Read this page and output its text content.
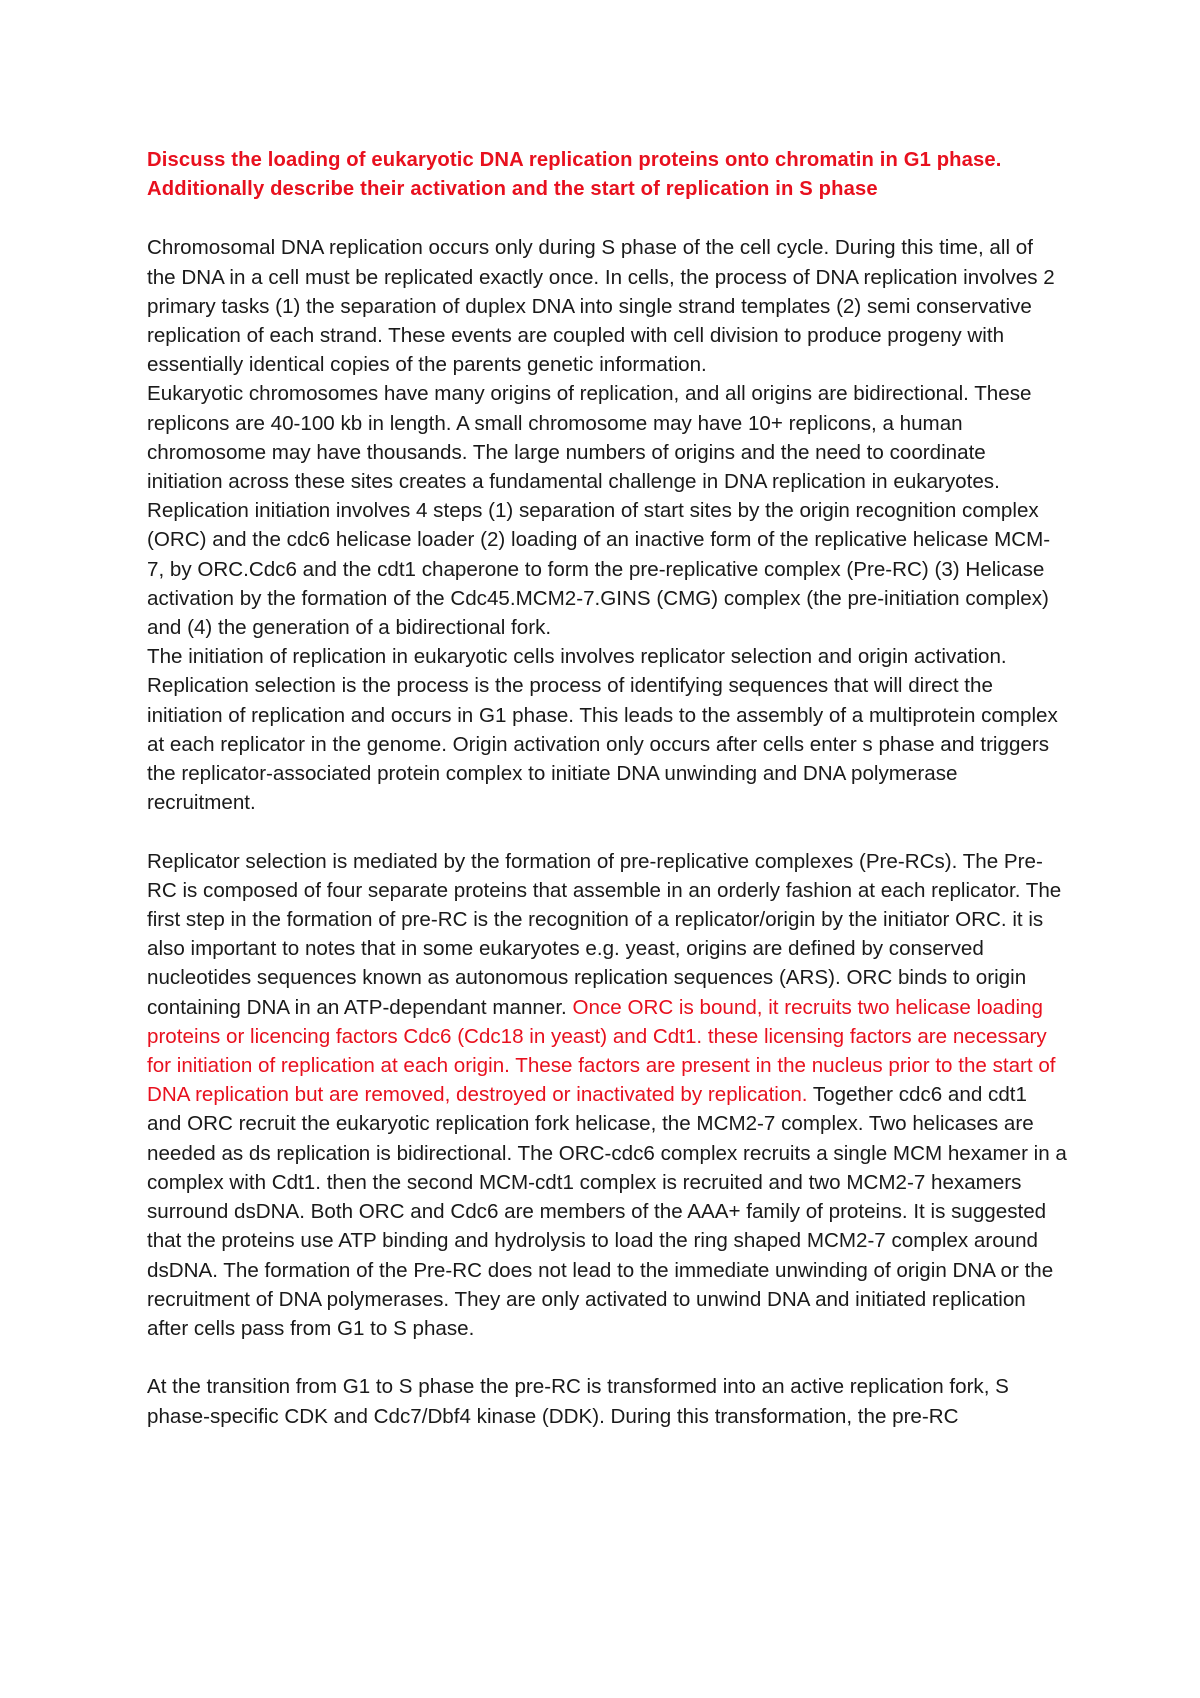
Discuss the loading of eukaryotic DNA replication proteins onto chromatin in G1 phase. Additionally describe their activation and the start of replication in S phase

Chromosomal DNA replication occurs only during S phase of the cell cycle. During this time, all of the DNA in a cell must be replicated exactly once. In cells, the process of DNA replication involves 2 primary tasks (1) the separation of duplex DNA into single strand templates (2) semi conservative replication of each strand. These events are coupled with cell division to produce progeny with essentially identical copies of the parents genetic information.

Eukaryotic chromosomes have many origins of replication, and all origins are bidirectional. These replicons are 40-100 kb in length. A small chromosome may have 10+ replicons, a human chromosome may have thousands. The large numbers of origins and the need to coordinate initiation across these sites creates a fundamental challenge in DNA replication in eukaryotes. Replication initiation involves 4 steps (1) separation of start sites by the origin recognition complex (ORC) and the cdc6 helicase loader (2) loading of an inactive form of the replicative helicase MCM-7, by ORC.Cdc6 and the cdt1 chaperone to form the pre-replicative complex (Pre-RC) (3) Helicase activation by the formation of the Cdc45.MCM2-7.GINS (CMG) complex (the pre-initiation complex) and (4) the generation of a bidirectional fork.

The initiation of replication in eukaryotic cells involves replicator selection and origin activation. Replication selection is the process is the process of identifying sequences that will direct the initiation of replication and occurs in G1 phase. This leads to the assembly of a multiprotein complex at each replicator in the genome. Origin activation only occurs after cells enter s phase and triggers the replicator-associated protein complex to initiate DNA unwinding and DNA polymerase recruitment.

Replicator selection is mediated by the formation of pre-replicative complexes (Pre-RCs). The Pre-RC is composed of four separate proteins that assemble in an orderly fashion at each replicator. The first step in the formation of pre-RC is the recognition of a replicator/origin by the initiator ORC. it is also important to notes that in some eukaryotes e.g. yeast, origins are defined by conserved nucleotides sequences known as autonomous replication sequences (ARS). ORC binds to origin containing DNA in an ATP-dependant manner. Once ORC is bound, it recruits two helicase loading proteins or licencing factors Cdc6 (Cdc18 in yeast) and Cdt1. these licensing factors are necessary for initiation of replication at each origin. These factors are present in the nucleus prior to the start of DNA replication but are removed, destroyed or inactivated by replication. Together cdc6 and cdt1 and ORC recruit the eukaryotic replication fork helicase, the MCM2-7 complex. Two helicases are needed as ds replication is bidirectional. The ORC-cdc6 complex recruits a single MCM hexamer in a complex with Cdt1. then the second MCM-cdt1 complex is recruited and two MCM2-7 hexamers surround dsDNA. Both ORC and Cdc6 are members of the AAA+ family of proteins. It is suggested that the proteins use ATP binding and hydrolysis to load the ring shaped MCM2-7 complex around dsDNA. The formation of the Pre-RC does not lead to the immediate unwinding of origin DNA or the recruitment of DNA polymerases. They are only activated to unwind DNA and initiated replication after cells pass from G1 to S phase.

At the transition from G1 to S phase the pre-RC is transformed into an active replication fork, S phase-specific CDK and Cdc7/Dbf4 kinase (DDK). During this transformation, the pre-RC
